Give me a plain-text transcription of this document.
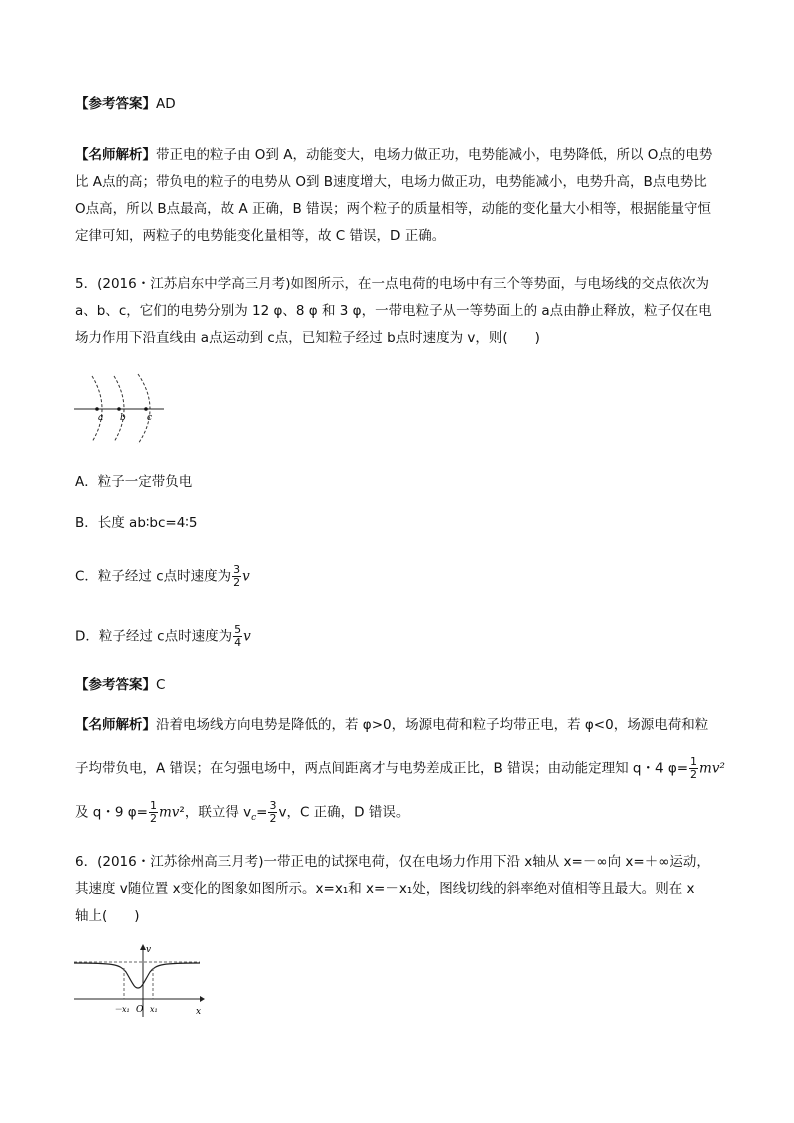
【参考答案】AD
【名师解析】带正电的粒子由 O到 A，动能变大，电场力做正功，电势能减小，电势降低，所以 O点的电势
比 A点的高；带负电的粒子的电势从 O到 B速度增大，电场力做正功，电势能减小，电势升高，B点电势比
O点高，所以 B点最高，故 A 正确，B 错误；两个粒子的质量相等，动能的变化量大小相等，根据能量守恒
定律可知，两粒子的电势能变化量相等，故 C 错误，D 正确。
5．(2016・江苏启东中学高三月考)如图所示，在一点电荷的电场中有三个等势面，与电场线的交点依次为
a、b、c，它们的电势分别为 12 φ、8 φ 和 3 φ，一带电粒子从一等势面上的 a点由静止释放，粒子仅在电
场力作用下沿直线由 a点运动到 c点，已知粒子经过 b点时速度为 v，则(　　)
a b c
A．粒子一定带负电
B．长度 ab∶bc=4∶5
C．粒子经过 c点时速度为 $\frac{3}{2}$ v
D．粒子经过 c点时速度为 $\frac{5}{4}$ v
【参考答案】C
【名师解析】沿着电场线方向电势是降低的，若 φ>0，场源电荷和粒子均带正电，若 φ<0，场源电荷和粒
子均带负电，A 错误；在匀强电场中，两点间距离才与电势差成正比，B 错误；由动能定理知 q・4 $\varphi= \frac{1}{2} mv^2$
及 q・9 $\varphi= \frac{1}{2} mv^2$，联立得 $v_c= \frac{3}{2}$ v，C 正确，D 错误。
6．(2016・江苏徐州高三月考)一带正电的试探电荷，仅在电场力作用下沿 x轴从 x=－∞向 x=＋∞运动，
其速度 v随位置 x变化的图象如图所示。x=x₁和 x=－x₁处，图线切线的斜率绝对值相等且最大。则在 x
轴上(　　)
v
x
O
－x₁	x₁
